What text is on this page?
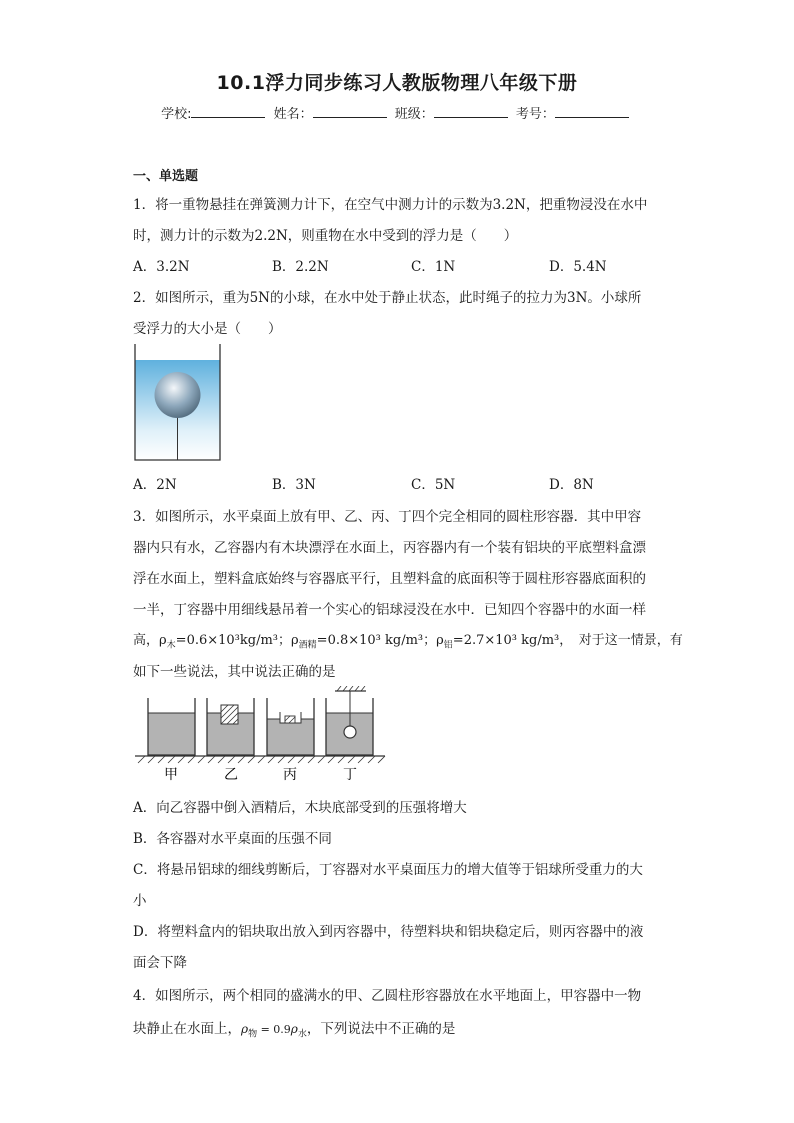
10.1浮力同步练习人教版物理八年级下册
学校:	姓名：	班级：	考号：
一、单选题
1．将一重物悬挂在弹簧测力计下，在空气中测力计的示数为3.2N，把重物浸没在水中
时，测力计的示数为2.2N，则重物在水中受到的浮力是（　　）
A．3.2N	B．2.2N	C．1N	D．5.4N
2．如图所示，重为5N的小球，在水中处于静止状态，此时绳子的拉力为3N。小球所
受浮力的大小是（　　）
A．2N	B．3N	C．5N	D．8N
3．如图所示，水平桌面上放有甲、乙、丙、丁四个完全相同的圆柱形容器．其中甲容
器内只有水，乙容器内有木块漂浮在水面上，丙容器内有一个装有铝块的平底塑料盒漂
浮在水面上，塑料盒底始终与容器底平行，且塑料盒的底面积等于圆柱形容器底面积的
一半，丁容器中用细线悬吊着一个实心的铝球浸没在水中．已知四个容器中的水面一样
高，$\rho_木=0.6\times 10^3kg/m^3$；$\rho_{酒精}=0.8\times 10^3$ kg/m³；$\rho_铝=2.7\times 10^3$ kg/m³，　对于这一情景，有
如下一些说法，其中说法正确的是
甲	乙	丙	丁
A．向乙容器中倒入酒精后，木块底部受到的压强将增大
B．各容器对水平桌面的压强不同
C．将悬吊铝球的细线剪断后，丁容器对水平桌面压力的增大值等于铝球所受重力的大
小
D．将塑料盒内的铝块取出放入到丙容器中，待塑料块和铝块稳定后，则丙容器中的液
面会下降
4．如图所示，两个相同的盛满水的甲、乙圆柱形容器放在水平地面上，甲容器中一物
块静止在水面上，$\rho_物 = 0.9\rho_水$，下列说法中不正确的是
